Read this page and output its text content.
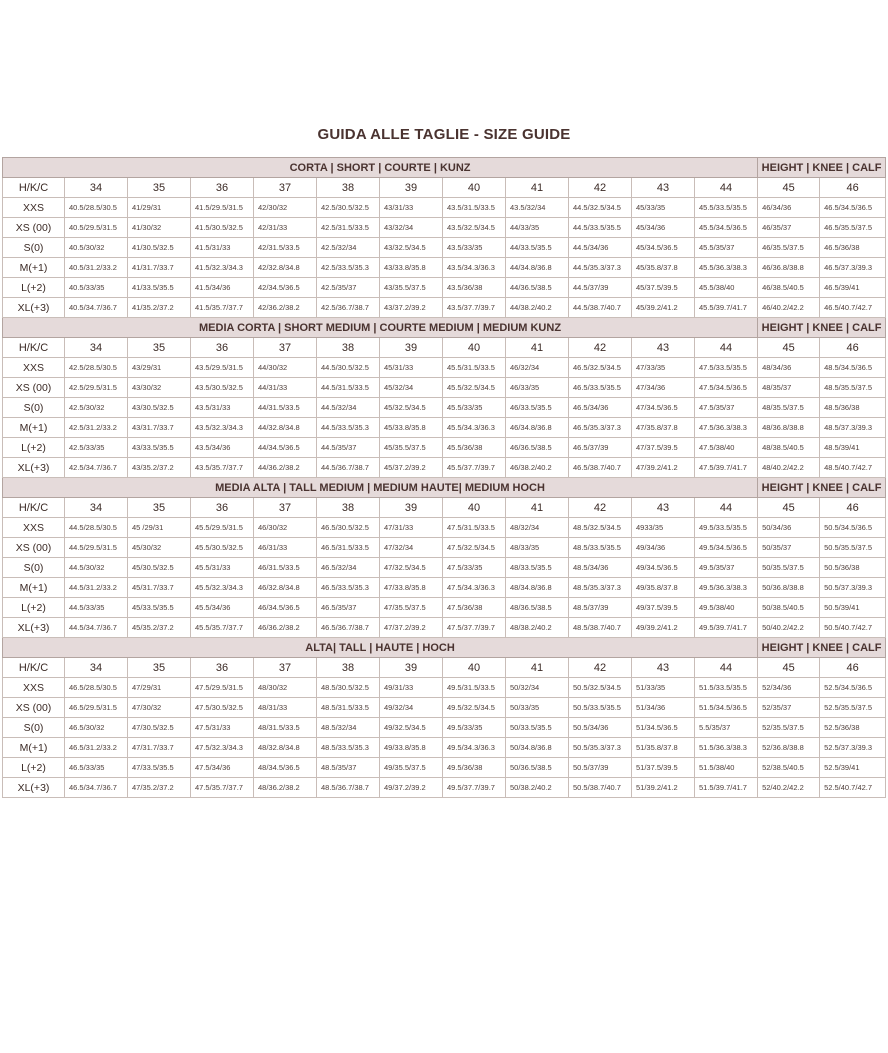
GUIDA ALLE TAGLIE - SIZE GUIDE
CORTA | SHORT | COURTE | KUNZ												HEIGHT | KNEE | CALF	
H/K/C	34	35	36	37	38	39	40	41	42	43	44	45	46
XXS	40.5/28.5/30.5	41/29/31	41.5/29.5/31.5	42/30/32	42.5/30.5/32.5	43/31/33	43.5/31.5/33.5	43.5/32/34	44.5/32.5/34.5	45/33/35	45.5/33.5/35.5	46/34/36	46.5/34.5/36.5
XS (00)	40.5/29.5/31.5	41/30/32	41.5/30.5/32.5	42/31/33	42.5/31.5/33.5	43/32/34	43.5/32.5/34.5	44/33/35	44.5/33.5/35.5	45/34/36	45.5/34.5/36.5	46/35/37	46.5/35.5/37.5
S(0)	40.5/30/32	41/30.5/32.5	41.5/31/33	42/31.5/33.5	42.5/32/34	43/32.5/34.5	43.5/33/35	44/33.5/35.5	44.5/34/36	45/34.5/36.5	45.5/35/37	46/35.5/37.5	46.5/36/38
M(+1)	40.5/31.2/33.2	41/31.7/33.7	41.5/32.3/34.3	42/32.8/34.8	42.5/33.5/35.3	43/33.8/35.8	43.5/34.3/36.3	44/34.8/36.8	44.5/35.3/37.3	45/35.8/37.8	45.5/36.3/38.3	46/36.8/38.8	46.5/37.3/39.3
L(+2)	40.5/33/35	41/33.5/35.5	41.5/34/36	42/34.5/36.5	42.5/35/37	43/35.5/37.5	43.5/36/38	44/36.5/38.5	44.5/37/39	45/37.5/39.5	45.5/38/40	46/38.5/40.5	46.5/39/41
XL(+3)	40.5/34.7/36.7	41/35.2/37.2	41.5/35.7/37.7	42/36.2/38.2	42.5/36.7/38.7	43/37.2/39.2	43.5/37.7/39.7	44/38.2/40.2	44.5/38.7/40.7	45/39.2/41.2	45.5/39.7/41.7	46/40.2/42.2	46.5/40.7/42.7
MEDIA CORTA | SHORT MEDIUM | COURTE MEDIUM | MEDIUM KUNZ												HEIGHT | KNEE | CALF	
H/K/C	34	35	36	37	38	39	40	41	42	43	44	45	46
XXS	42.5/28.5/30.5	43/29/31	43.5/29.5/31.5	44/30/32	44.5/30.5/32.5	45/31/33	45.5/31.5/33.5	46/32/34	46.5/32.5/34.5	47/33/35	47.5/33.5/35.5	48/34/36	48.5/34.5/36.5
XS (00)	42.5/29.5/31.5	43/30/32	43.5/30.5/32.5	44/31/33	44.5/31.5/33.5	45/32/34	45.5/32.5/34.5	46/33/35	46.5/33.5/35.5	47/34/36	47.5/34.5/36.5	48/35/37	48.5/35.5/37.5
S(0)	42.5/30/32	43/30.5/32.5	43.5/31/33	44/31.5/33.5	44.5/32/34	45/32.5/34.5	45.5/33/35	46/33.5/35.5	46.5/34/36	47/34.5/36.5	47.5/35/37	48/35.5/37.5	48.5/36/38
M(+1)	42.5/31.2/33.2	43/31.7/33.7	43.5/32.3/34.3	44/32.8/34.8	44.5/33.5/35.3	45/33.8/35.8	45.5/34.3/36.3	46/34.8/36.8	46.5/35.3/37.3	47/35.8/37.8	47.5/36.3/38.3	48/36.8/38.8	48.5/37.3/39.3
L(+2)	42.5/33/35	43/33.5/35.5	43.5/34/36	44/34.5/36.5	44.5/35/37	45/35.5/37.5	45.5/36/38	46/36.5/38.5	46.5/37/39	47/37.5/39.5	47.5/38/40	48/38.5/40.5	48.5/39/41
XL(+3)	42.5/34.7/36.7	43/35.2/37.2	43.5/35.7/37.7	44/36.2/38.2	44.5/36.7/38.7	45/37.2/39.2	45.5/37.7/39.7	46/38.2/40.2	46.5/38.7/40.7	47/39.2/41.2	47.5/39.7/41.7	48/40.2/42.2	48.5/40.7/42.7
MEDIA ALTA | TALL MEDIUM | MEDIUM HAUTE| MEDIUM HOCH												HEIGHT | KNEE | CALF	
H/K/C	34	35	36	37	38	39	40	41	42	43	44	45	46
XXS	44.5/28.5/30.5	45 /29/31	45.5/29.5/31.5	46/30/32	46.5/30.5/32.5	47/31/33	47.5/31.5/33.5	48/32/34	48.5/32.5/34.5	4933/35	49.5/33.5/35.5	50/34/36	50.5/34.5/36.5
XS (00)	44.5/29.5/31.5	45/30/32	45.5/30.5/32.5	46/31/33	46.5/31.5/33.5	47/32/34	47.5/32.5/34.5	48/33/35	48.5/33.5/35.5	49/34/36	49.5/34.5/36.5	50/35/37	50.5/35.5/37.5
S(0)	44.5/30/32	45/30.5/32.5	45.5/31/33	46/31.5/33.5	46.5/32/34	47/32.5/34.5	47.5/33/35	48/33.5/35.5	48.5/34/36	49/34.5/36.5	49.5/35/37	50/35.5/37.5	50.5/36/38
M(+1)	44.5/31.2/33.2	45/31.7/33.7	45.5/32.3/34.3	46/32.8/34.8	46.5/33.5/35.3	47/33.8/35.8	47.5/34.3/36.3	48/34.8/36.8	48.5/35.3/37.3	49/35.8/37.8	49.5/36.3/38.3	50/36.8/38.8	50.5/37.3/39.3
L(+2)	44.5/33/35	45/33.5/35.5	45.5/34/36	46/34.5/36.5	46.5/35/37	47/35.5/37.5	47.5/36/38	48/36.5/38.5	48.5/37/39	49/37.5/39.5	49.5/38/40	50/38.5/40.5	50.5/39/41
XL(+3)	44.5/34.7/36.7	45/35.2/37.2	45.5/35.7/37.7	46/36.2/38.2	46.5/36.7/38.7	47/37.2/39.2	47.5/37.7/39.7	48/38.2/40.2	48.5/38.7/40.7	49/39.2/41.2	49.5/39.7/41.7	50/40.2/42.2	50.5/40.7/42.7
ALTA| TALL | HAUTE | HOCH												HEIGHT | KNEE | CALF	
H/K/C	34	35	36	37	38	39	40	41	42	43	44	45	46
XXS	46.5/28.5/30.5	47/29/31	47.5/29.5/31.5	48/30/32	48.5/30.5/32.5	49/31/33	49.5/31.5/33.5	50/32/34	50.5/32.5/34.5	51/33/35	51.5/33.5/35.5	52/34/36	52.5/34.5/36.5
XS (00)	46.5/29.5/31.5	47/30/32	47.5/30.5/32.5	48/31/33	48.5/31.5/33.5	49/32/34	49.5/32.5/34.5	50/33/35	50.5/33.5/35.5	51/34/36	51.5/34.5/36.5	52/35/37	52.5/35.5/37.5
S(0)	46.5/30/32	47/30.5/32.5	47.5/31/33	48/31.5/33.5	48.5/32/34	49/32.5/34.5	49.5/33/35	50/33.5/35.5	50.5/34/36	51/34.5/36.5	5.5/35/37	52/35.5/37.5	52.5/36/38
M(+1)	46.5/31.2/33.2	47/31.7/33.7	47.5/32.3/34.3	48/32.8/34.8	48.5/33.5/35.3	49/33.8/35.8	49.5/34.3/36.3	50/34.8/36.8	50.5/35.3/37.3	51/35.8/37.8	51.5/36.3/38.3	52/36.8/38.8	52.5/37.3/39.3
L(+2)	46.5/33/35	47/33.5/35.5	47.5/34/36	48/34.5/36.5	48.5/35/37	49/35.5/37.5	49.5/36/38	50/36.5/38.5	50.5/37/39	51/37.5/39.5	51.5/38/40	52/38.5/40.5	52.5/39/41
XL(+3)	46.5/34.7/36.7	47/35.2/37.2	47.5/35.7/37.7	48/36.2/38.2	48.5/36.7/38.7	49/37.2/39.2	49.5/37.7/39.7	50/38.2/40.2	50.5/38.7/40.7	51/39.2/41.2	51.5/39.7/41.7	52/40.2/42.2	52.5/40.7/42.7
